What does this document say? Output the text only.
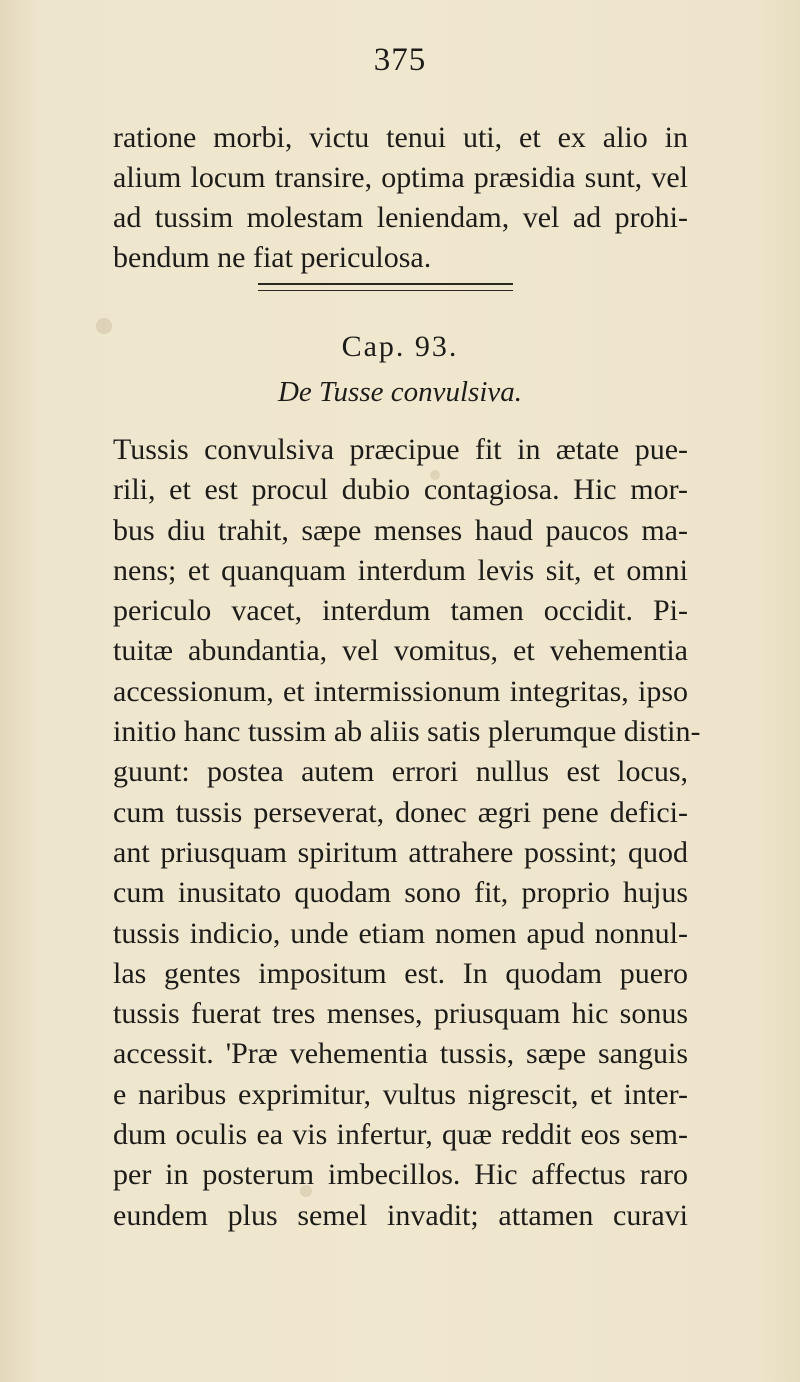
375
ratione morbi, victu tenui uti, et ex alio in
alium locum transire, optima præsidia sunt, vel
ad tussim molestam leniendam, vel ad prohi-
bendum ne fiat periculosa.
Cap. 93.
De Tusse convulsiva.
Tussis convulsiva præcipue fit in ætate pue-
rili, et est procul dubio contagiosa. Hic mor-
bus diu trahit, sæpe menses haud paucos ma-
nens; et quanquam interdum levis sit, et omni
periculo vacet, interdum tamen occidit. Pi-
tuitæ abundantia, vel vomitus, et vehementia
accessionum, et intermissionum integritas, ipso
initio hanc tussim ab aliis satis plerumque distin-
guunt: postea autem errori nullus est locus,
cum tussis perseverat, donec ægri pene defici-
ant priusquam spiritum attrahere possint; quod
cum inusitato quodam sono fit, proprio hujus
tussis indicio, unde etiam nomen apud nonnul-
las gentes impositum est. In quodam puero
tussis fuerat tres menses, priusquam hic sonus
accessit. 'Præ vehementia tussis, sæpe sanguis
e naribus exprimitur, vultus nigrescit, et inter-
dum oculis ea vis infertur, quæ reddit eos sem-
per in posterum imbecillos. Hic affectus raro
eundem plus semel invadit; attamen curavi
